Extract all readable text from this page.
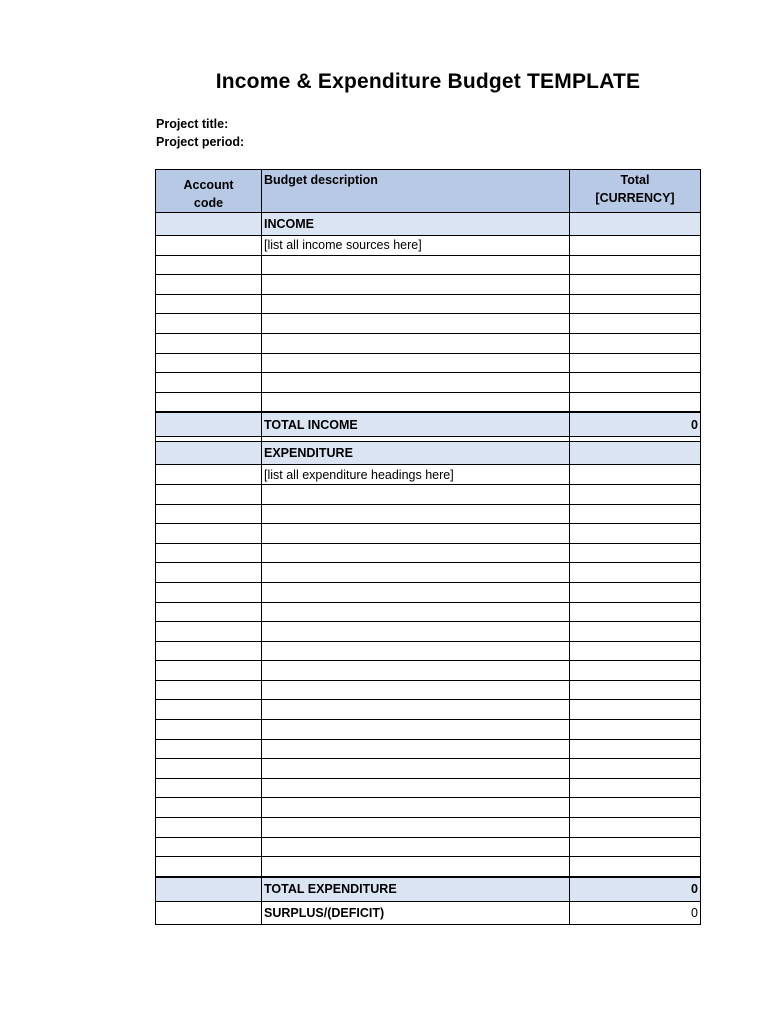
Income & Expenditure Budget TEMPLATE
Project title:
Project period:
Account
code	Budget description	Total
[CURRENCY]

	INCOME	
	[list all income sources here]	

	TOTAL INCOME	0

	EXPENDITURE	
	[list all expenditure headings here]	

	TOTAL EXPENDITURE	0
	SURPLUS/(DEFICIT)	0
